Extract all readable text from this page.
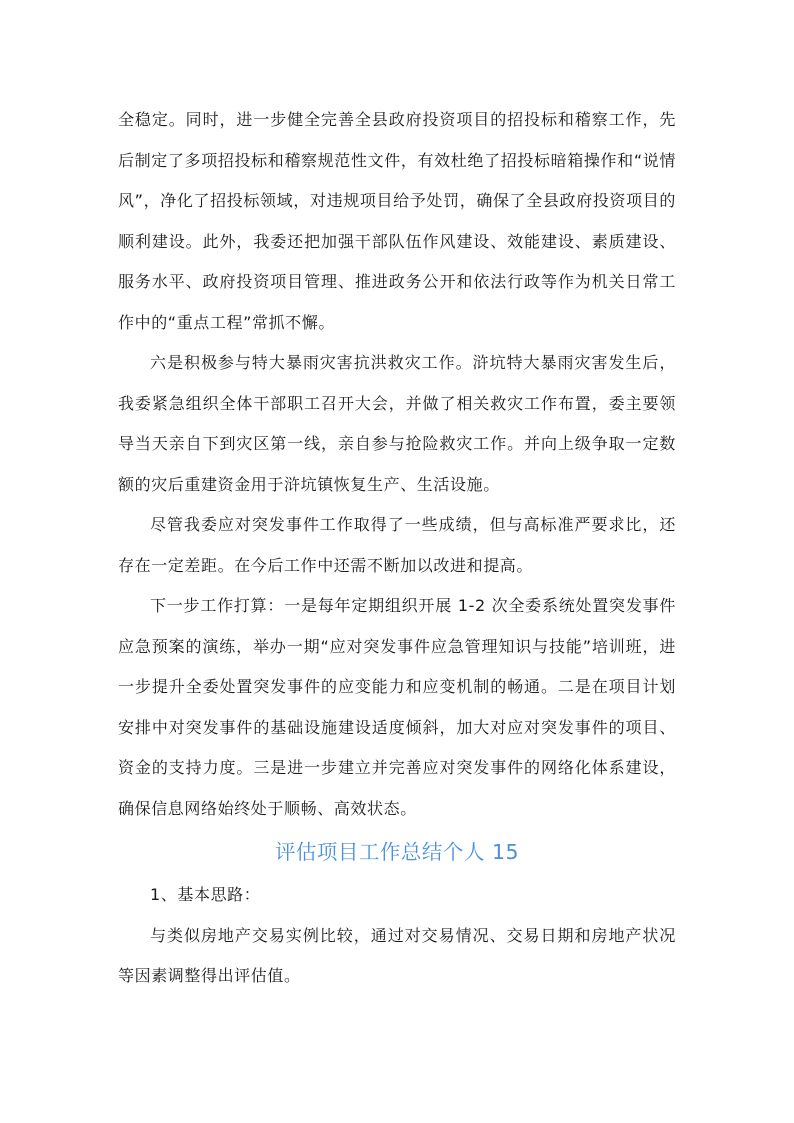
全稳定。同时，进一步健全完善全县政府投资项目的招投标和稽察工作，先后制定了多项招投标和稽察规范性文件，有效杜绝了招投标暗箱操作和“说情风”，净化了招投标领域，对违规项目给予处罚，确保了全县政府投资项目的顺利建设。此外，我委还把加强干部队伍作风建设、效能建设、素质建设、服务水平、政府投资项目管理、推进政务公开和依法行政等作为机关日常工作中的“重点工程”常抓不懈。

六是积极参与特大暴雨灾害抗洪救灾工作。浒坑特大暴雨灾害发生后，我委紧急组织全体干部职工召开大会，并做了相关救灾工作布置，委主要领导当天亲自下到灾区第一线，亲自参与抢险救灾工作。并向上级争取一定数额的灾后重建资金用于浒坑镇恢复生产、生活设施。

尽管我委应对突发事件工作取得了一些成绩，但与高标准严要求比，还存在一定差距。在今后工作中还需不断加以改进和提高。

下一步工作打算：一是每年定期组织开展 1-2 次全委系统处置突发事件应急预案的演练，举办一期“应对突发事件应急管理知识与技能”培训班，进一步提升全委处置突发事件的应变能力和应变机制的畅通。二是在项目计划安排中对突发事件的基础设施建设适度倾斜，加大对应对突发事件的项目、资金的支持力度。三是进一步建立并完善应对突发事件的网络化体系建设，确保信息网络始终处于顺畅、高效状态。

评估项目工作总结个人 15

1、基本思路：

与类似房地产交易实例比较，通过对交易情况、交易日期和房地产状况等因素调整得出评估值。
